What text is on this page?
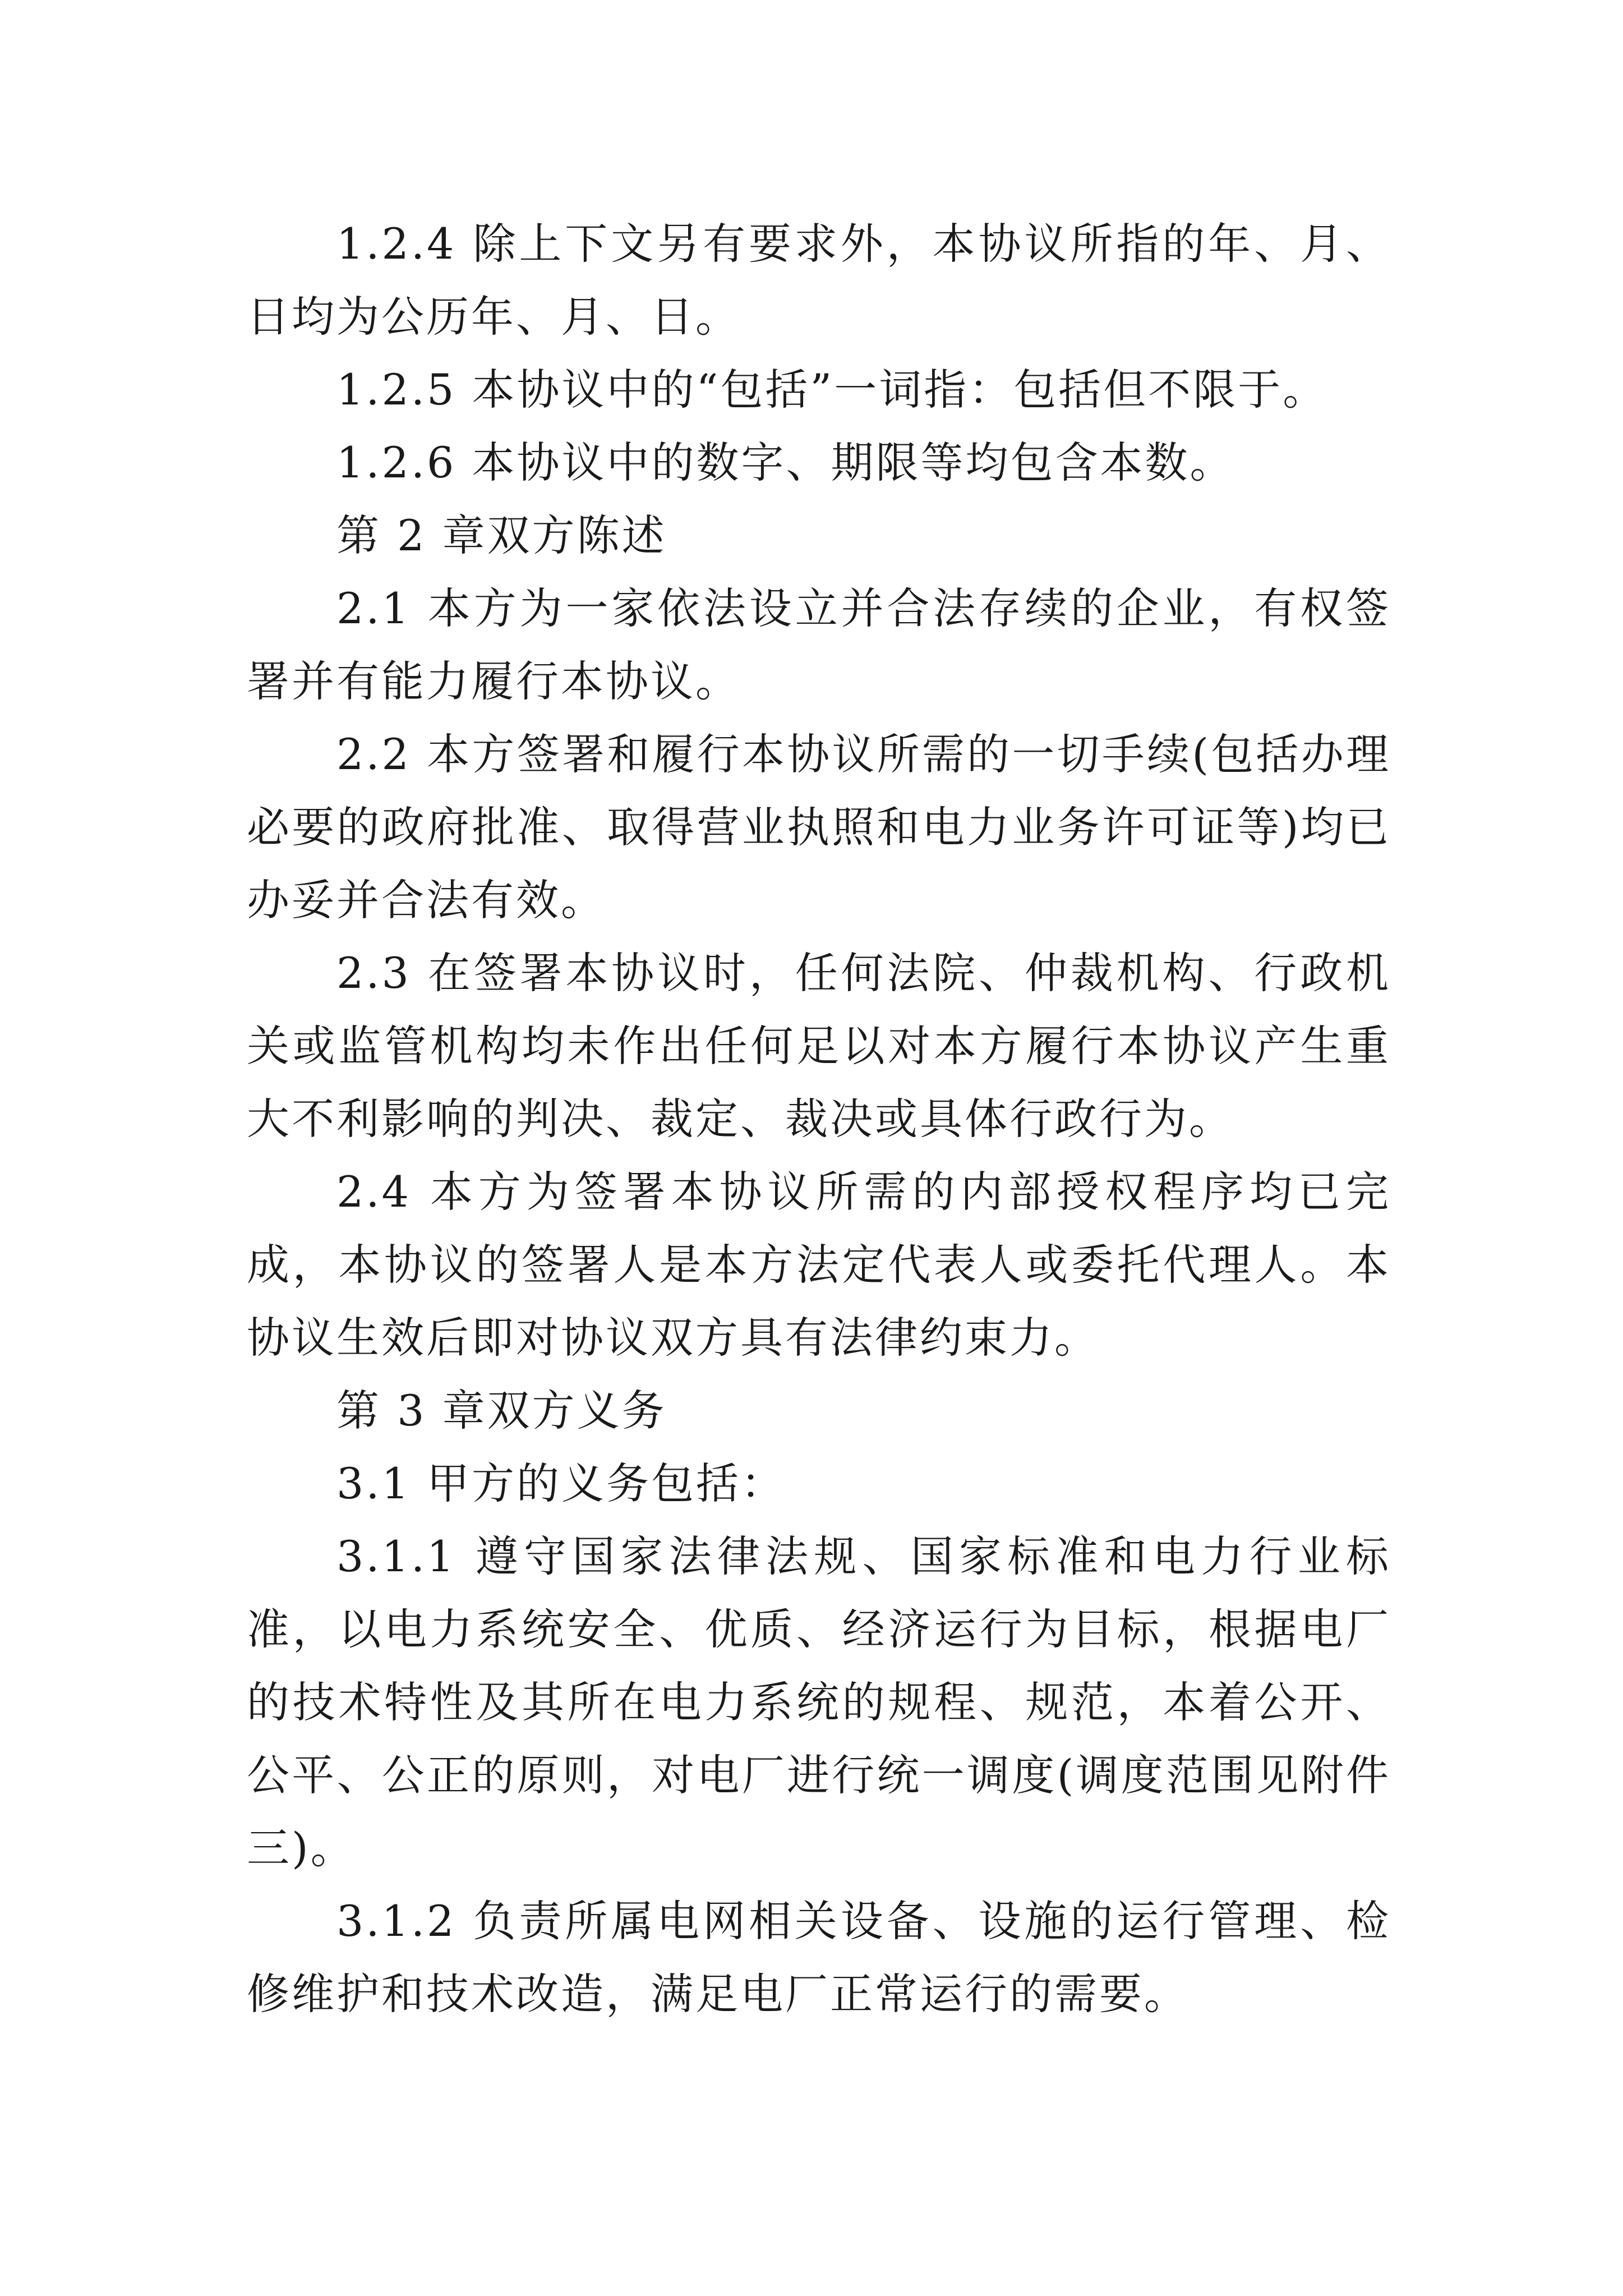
1.2.4 除上下文另有要求外，本协议所指的年、月、日均为公历年、月、日。

1.2.5 本协议中的“包括”一词指：包括但不限于。

1.2.6 本协议中的数字、期限等均包含本数。

第 2 章双方陈述

2.1 本方为一家依法设立并合法存续的企业，有权签署并有能力履行本协议。

2.2 本方签署和履行本协议所需的一切手续(包括办理必要的政府批准、取得营业执照和电力业务许可证等)均已办妥并合法有效。

2.3 在签署本协议时，任何法院、仲裁机构、行政机关或监管机构均未作出任何足以对本方履行本协议产生重大不利影响的判决、裁定、裁决或具体行政行为。

2.4 本方为签署本协议所需的内部授权程序均已完成，本协议的签署人是本方法定代表人或委托代理人。本协议生效后即对协议双方具有法律约束力。

第 3 章双方义务

3.1 甲方的义务包括：

3.1.1 遵守国家法律法规、国家标准和电力行业标准，以电力系统安全、优质、经济运行为目标，根据电厂的技术特性及其所在电力系统的规程、规范，本着公开、公平、公正的原则，对电厂进行统一调度(调度范围见附件三)。

3.1.2 负责所属电网相关设备、设施的运行管理、检修维护和技术改造，满足电厂正常运行的需要。
